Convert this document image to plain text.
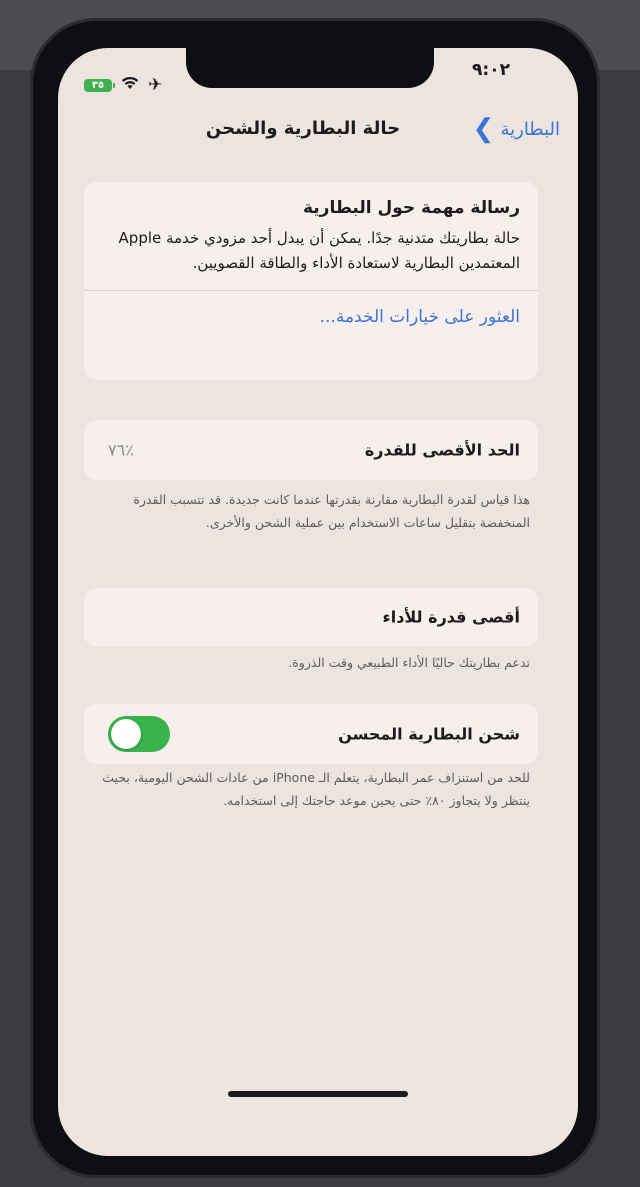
٩:٠٢
٣٥	✈
❯ البطارية
حالة البطارية والشحن
رسالة مهمة حول البطارية
حالة بطاريتك متدنية جدًا. يمكن أن يبدل أحد مزودي خدمة Apple المعتمدين البطارية لاستعادة الأداء والطاقة القصويين.
العثور على خيارات الخدمة...
الحد الأقصى للقدرة
٪٧٦
هذا قياس لقدرة البطارية مقارنة بقدرتها عندما كانت جديدة. قد تتسبب القدرة المنخفضة بتقليل ساعات الاستخدام بين عملية الشحن والأخرى.
أقصى قدرة للأداء
تدعم بطاريتك حاليًا الأداء الطبيعي وقت الذروة.
شحن البطارية المحسن
للحد من استنزاف عمر البطارية، يتعلم الـ iPhone من عادات الشحن اليومية، بحيث ينتظر ولا يتجاوز ٨٠٪ حتى يحين موعد حاجتك إلى استخدامه.
